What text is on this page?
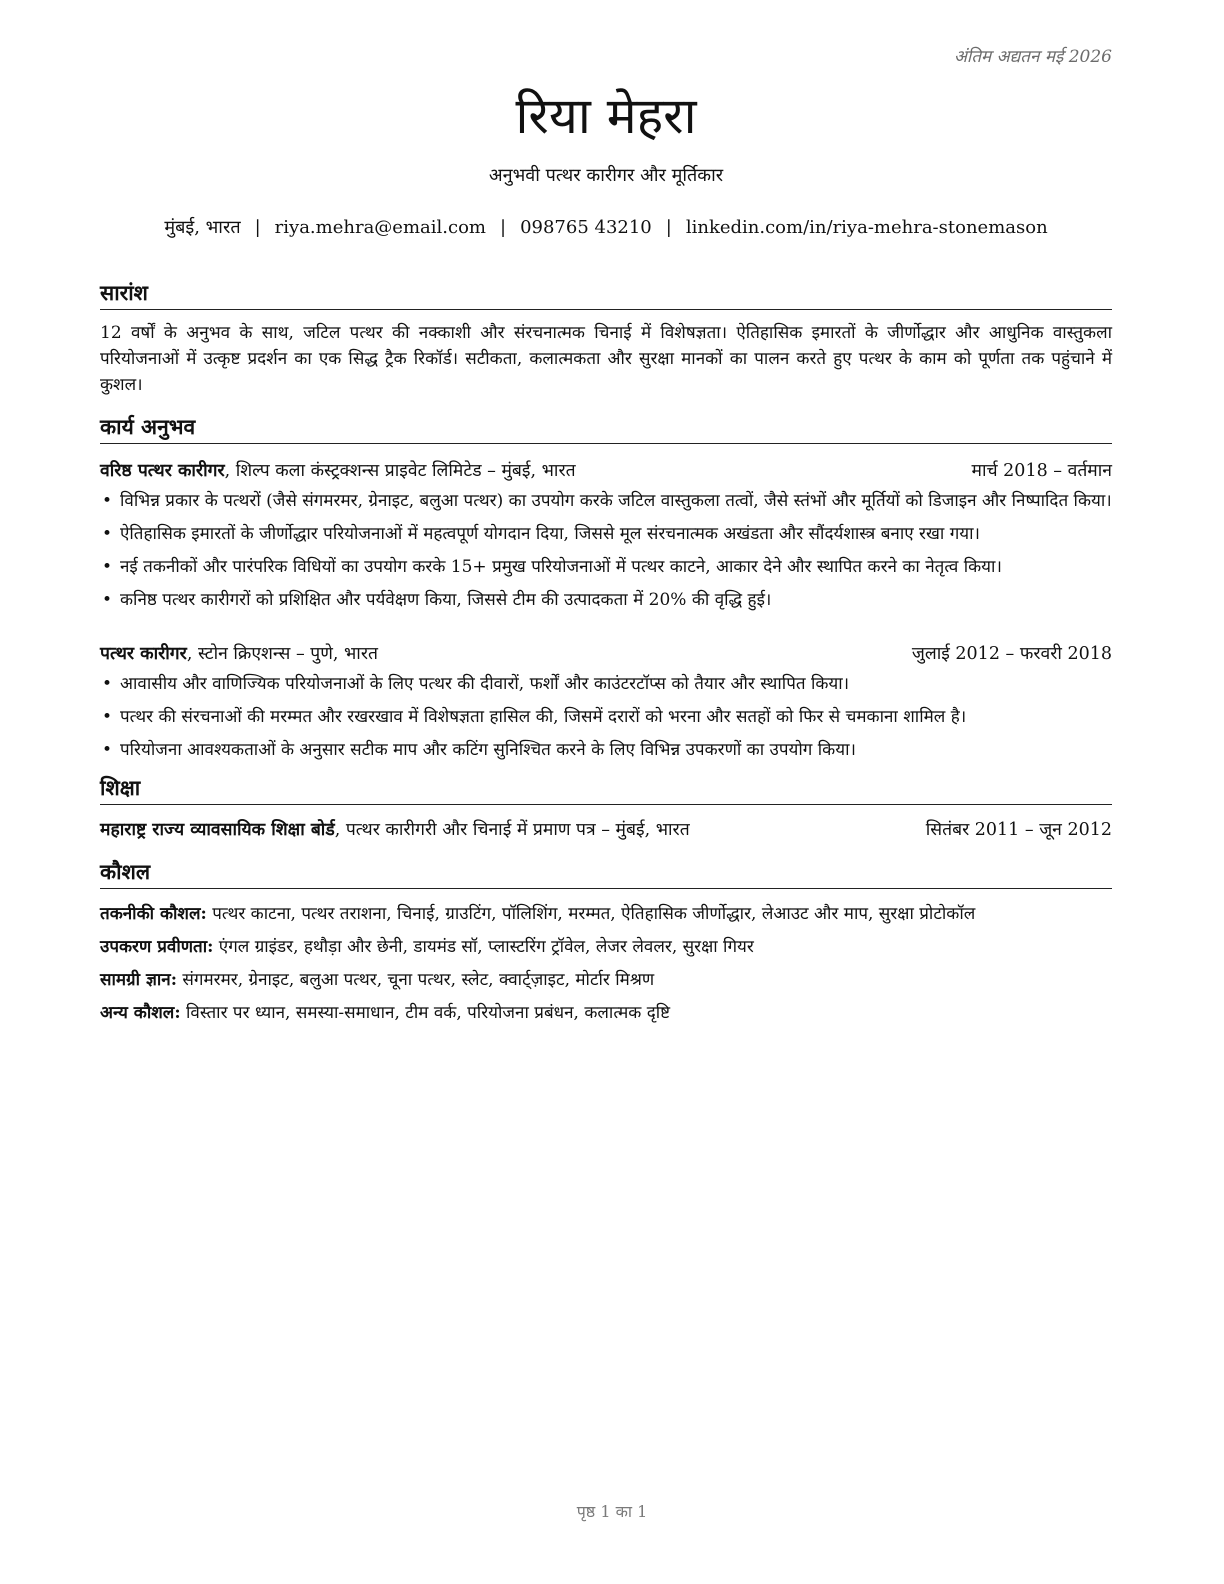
अंतिम अद्यतन मई 2026
रिया मेहरा
अनुभवी पत्थर कारीगर और मूर्तिकार
मुंबई, भारत | riya.mehra@email.com | 098765 43210 | linkedin.com/in/riya-mehra-stonemason
सारांश

12 वर्षों के अनुभव के साथ, जटिल पत्थर की नक्काशी और संरचनात्मक चिनाई में विशेषज्ञता। ऐतिहासिक इमारतों के जीर्णोद्धार और आधुनिक वास्तुकला परियोजनाओं में उत्कृष्ट प्रदर्शन का एक सिद्ध ट्रैक रिकॉर्ड। सटीकता, कलात्मकता और सुरक्षा मानकों का पालन करते हुए पत्थर के काम को पूर्णता तक पहुंचाने में कुशल।

कार्य अनुभव
वरिष्ठ पत्थर कारीगर, शिल्प कला कंस्ट्रक्शन्स प्राइवेट लिमिटेड – मुंबई, भारत	मार्च 2018 – वर्तमान
• विभिन्न प्रकार के पत्थरों (जैसे संगमरमर, ग्रेनाइट, बलुआ पत्थर) का उपयोग करके जटिल वास्तुकला तत्वों, जैसे स्तंभों और मूर्तियों को डिजाइन और निष्पादित किया।
• ऐतिहासिक इमारतों के जीर्णोद्धार परियोजनाओं में महत्वपूर्ण योगदान दिया, जिससे मूल संरचनात्मक अखंडता और सौंदर्यशास्त्र बनाए रखा गया।
• नई तकनीकों और पारंपरिक विधियों का उपयोग करके 15+ प्रमुख परियोजनाओं में पत्थर काटने, आकार देने और स्थापित करने का नेतृत्व किया।
• कनिष्ठ पत्थर कारीगरों को प्रशिक्षित और पर्यवेक्षण किया, जिससे टीम की उत्पादकता में 20% की वृद्धि हुई।
पत्थर कारीगर, स्टोन क्रिएशन्स – पुणे, भारत	जुलाई 2012 – फरवरी 2018
• आवासीय और वाणिज्यिक परियोजनाओं के लिए पत्थर की दीवारों, फर्शों और काउंटरटॉप्स को तैयार और स्थापित किया।
• पत्थर की संरचनाओं की मरम्मत और रखरखाव में विशेषज्ञता हासिल की, जिसमें दरारों को भरना और सतहों को फिर से चमकाना शामिल है।
• परियोजना आवश्यकताओं के अनुसार सटीक माप और कटिंग सुनिश्चित करने के लिए विभिन्न उपकरणों का उपयोग किया।
शिक्षा
महाराष्ट्र राज्य व्यावसायिक शिक्षा बोर्ड, पत्थर कारीगरी और चिनाई में प्रमाण पत्र – मुंबई, भारत	सितंबर 2011 – जून 2012
कौशल
तकनीकी कौशल: पत्थर काटना, पत्थर तराशना, चिनाई, ग्राउटिंग, पॉलिशिंग, मरम्मत, ऐतिहासिक जीर्णोद्धार, लेआउट और माप, सुरक्षा प्रोटोकॉल
उपकरण प्रवीणता: एंगल ग्राइंडर, हथौड़ा और छेनी, डायमंड सॉ, प्लास्टरिंग ट्रॉवेल, लेजर लेवलर, सुरक्षा गियर
सामग्री ज्ञान: संगमरमर, ग्रेनाइट, बलुआ पत्थर, चूना पत्थर, स्लेट, क्वार्ट्ज़ाइट, मोर्टार मिश्रण
अन्य कौशल: विस्तार पर ध्यान, समस्या-समाधान, टीम वर्क, परियोजना प्रबंधन, कलात्मक दृष्टि
पृष्ठ 1 का 1
